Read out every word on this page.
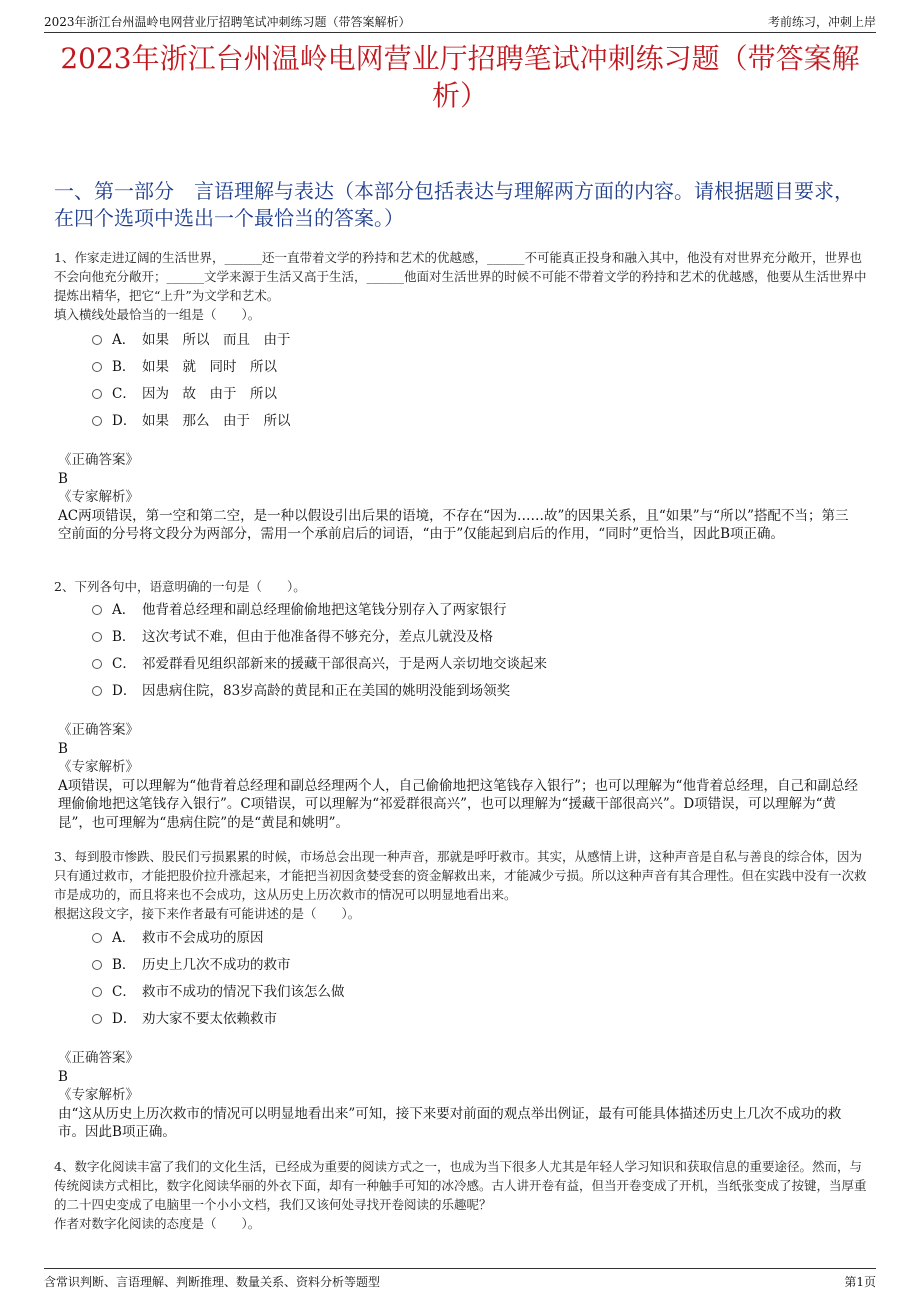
2023年浙江台州温岭电网营业厅招聘笔试冲刺练习题（带答案解析）	考前练习，冲刺上岸
2023年浙江台州温岭电网营业厅招聘笔试冲刺练习题（带答案解析）
一、第一部分　言语理解与表达（本部分包括表达与理解两方面的内容。请根据题目要求，在四个选项中选出一个最恰当的答案。）
1、作家走进辽阔的生活世界，______还一直带着文学的矜持和艺术的优越感，______不可能真正投身和融入其中，他没有对世界充分敞开，世界也不会向他充分敞开；______文学来源于生活又高于生活，______他面对生活世界的时候不可能不带着文学的矜持和艺术的优越感，他要从生活世界中提炼出精华，把它“上升”为文学和艺术。
填入横线处最恰当的一组是（　　）。
A． 如果　所以　而且　由于
B． 如果　就　同时　所以
C． 因为　故　由于　所以
D． 如果　那么　由于　所以
《正确答案》
B
《专家解析》
AC两项错误，第一空和第二空，是一种以假设引出后果的语境，不存在“因为……故”的因果关系，且“如果”与“所以”搭配不当；第三空前面的分号将文段分为两部分，需用一个承前启后的词语，“由于”仅能起到启后的作用，“同时”更恰当，因此B项正确。
2、下列各句中，语意明确的一句是（　　）。
A． 他背着总经理和副总经理偷偷地把这笔钱分别存入了两家银行
B． 这次考试不难，但由于他准备得不够充分，差点儿就没及格
C． 祁爱群看见组织部新来的援藏干部很高兴，于是两人亲切地交谈起来
D． 因患病住院，83岁高龄的黄昆和正在美国的姚明没能到场领奖
《正确答案》
B
《专家解析》
A项错误，可以理解为“他背着总经理和副总经理两个人，自己偷偷地把这笔钱存入银行”；也可以理解为“他背着总经理，自己和副总经理偷偷地把这笔钱存入银行”。C项错误，可以理解为“祁爱群很高兴”，也可以理解为“援藏干部很高兴”。D项错误，可以理解为“黄昆”，也可理解为“患病住院”的是“黄昆和姚明”。
3、每到股市惨跌、股民们亏损累累的时候，市场总会出现一种声音，那就是呼吁救市。其实，从感情上讲，这种声音是自私与善良的综合体，因为只有通过救市，才能把股价拉升涨起来，才能把当初因贪婪受套的资金解救出来，才能减少亏损。所以这种声音有其合理性。但在实践中没有一次救市是成功的，而且将来也不会成功，这从历史上历次救市的情况可以明显地看出来。
根据这段文字，接下来作者最有可能讲述的是（　　）。
A． 救市不会成功的原因
B． 历史上几次不成功的救市
C． 救市不成功的情况下我们该怎么做
D． 劝大家不要太依赖救市
《正确答案》
B
《专家解析》
由“这从历史上历次救市的情况可以明显地看出来”可知，接下来要对前面的观点举出例证，最有可能具体描述历史上几次不成功的救市。因此B项正确。
4、数字化阅读丰富了我们的文化生活，已经成为重要的阅读方式之一，也成为当下很多人尤其是年轻人学习知识和获取信息的重要途径。然而，与传统阅读方式相比，数字化阅读华丽的外衣下面，却有一种触手可知的冰冷感。古人讲开卷有益，但当开卷变成了开机，当纸张变成了按键，当厚重的二十四史变成了电脑里一个小小文档，我们又该何处寻找开卷阅读的乐趣呢？
作者对数字化阅读的态度是（　　）。
含常识判断、言语理解、判断推理、数量关系、资料分析等题型	第1页
